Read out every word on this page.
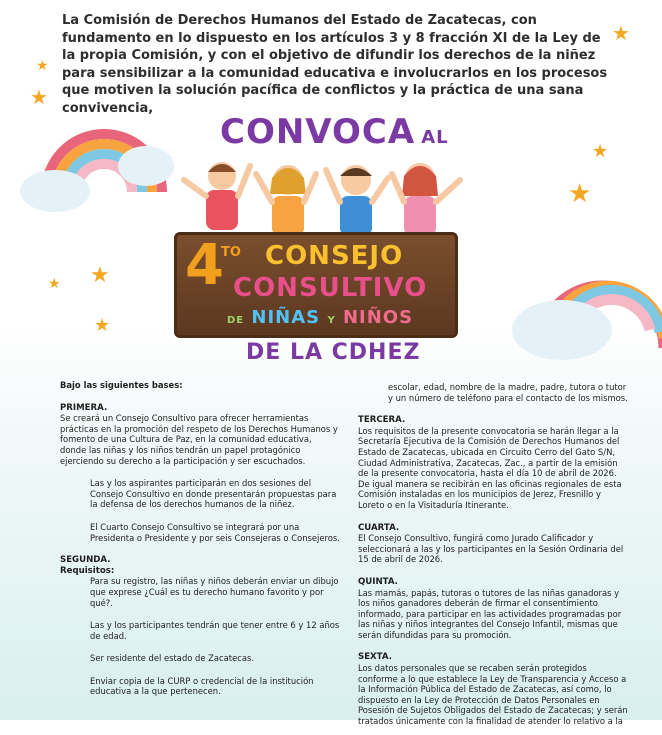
★
★
★
★
★
★
★
★
La Comisión de Derechos Humanos del Estado de Zacatecas, con fundamento en lo dispuesto en los artículos 3 y 8 fracción XI de la Ley de la propia Comisión, y con el objetivo de difundir los derechos de la niñez para sensibilizar a la comunidad educativa e involucrarlos en los procesos que motiven la solución pacífica de conflictos y la práctica de una sana convivencia,
CONVOCA AL
4
TO CONSEJO
CONSULTIVO
DE NIÑAS Y NIÑOS
DE LA CDHEZ

Bajo las siguientes bases:

PRIMERA.

Se creará un Consejo Consultivo para ofrecer herramientas prácticas en la promoción del respeto de los Derechos Humanos y fomento de una Cultura de Paz, en la comunidad educativa, donde las niñas y los niños tendrán un papel protagónico ejerciendo su derecho a la participación y ser escuchados.

Las y los aspirantes participarán en dos sesiones del Consejo Consultivo en donde presentarán propuestas para la defensa de los derechos humanos de la niñez.

El Cuarto Consejo Consultivo se integrará por una Presidenta o Presidente y por seis Consejeras o Consejeros.

SEGUNDA.
Requisitos:

Para su registro, las niñas y niños deberán enviar un dibujo que exprese ¿Cuál es tu derecho humano favorito y por qué?.

Las y los participantes tendrán que tener entre 6 y 12 años de edad.

Ser residente del estado de Zacatecas.

Enviar copia de la CURP o credencial de la institución educativa a la que pertenecen.

escolar, edad, nombre de la madre, padre, tutora o tutor y un número de teléfono para el contacto de los mismos.

TERCERA.

Los requisitos de la presente convocatoria se harán llegar a la Secretaría Ejecutiva de la Comisión de Derechos Humanos del Estado de Zacatecas, ubicada en Circuito Cerro del Gato S/N, Ciudad Administrativa, Zacatecas, Zac., a partir de la emisión de la presente convocatoria, hasta el día 10 de abril de 2026.

De igual manera se recibirán en las oficinas regionales de esta Comisión instaladas en los municipios de Jerez, Fresnillo y Loreto o en la Visitaduría Itinerante.

CUARTA.

El Consejo Consultivo, fungirá como Jurado Calificador y seleccionará a las y los participantes en la Sesión Ordinaria del 15 de abril de 2026.

QUINTA.

Las mamás, papás, tutoras o tutores de las niñas ganadoras y los niños ganadores deberán de firmar el consentimiento informado, para participar en las actividades programadas por las niñas y niños integrantes del Consejo Infantil, mismas que serán difundidas para su promoción.

SEXTA.

Los datos personales que se recaben serán protegidos conforme a lo que establece la Ley de Transparencia y Acceso a la Información Pública del Estado de Zacatecas, así como, lo dispuesto en la Ley de Protección de Datos Personales en Posesión de Sujetos Obligados del Estado de Zacatecas; y serán tratados únicamente con la finalidad de atender lo relativo a la
